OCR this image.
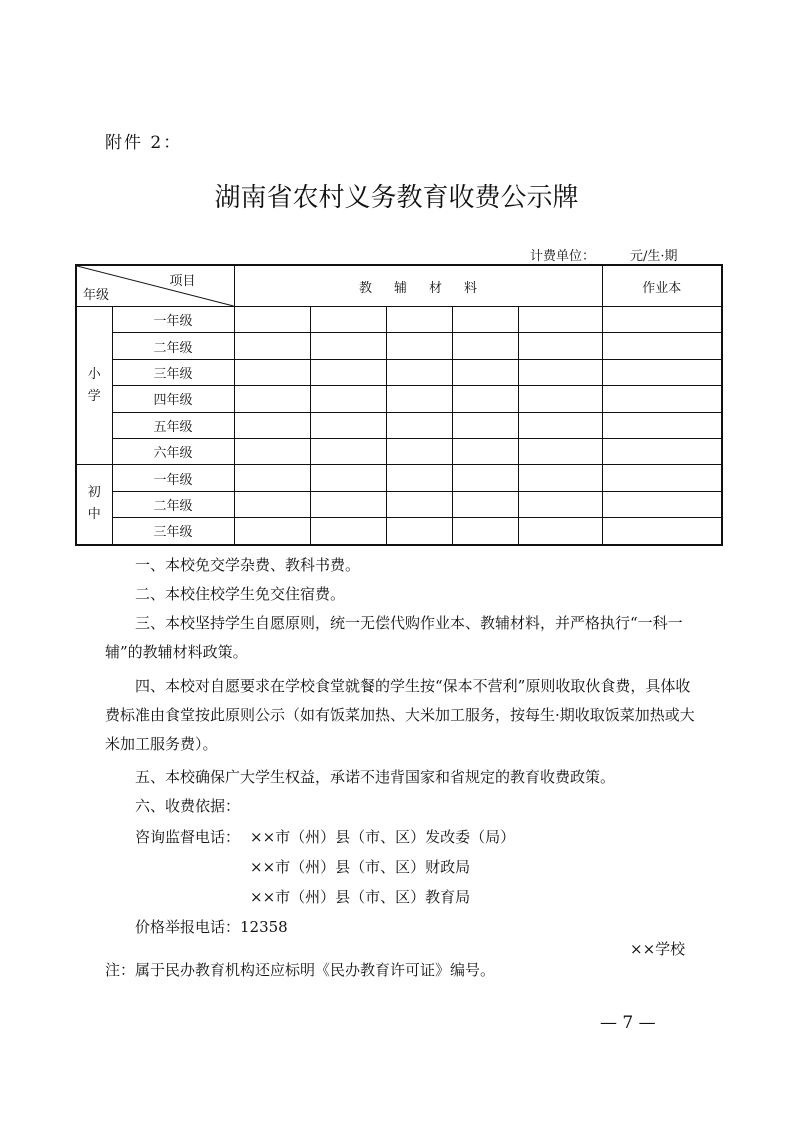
附件 2：
湖南省农村义务教育收费公示牌
计费单位：	元/生·期
项目
年级		教辅材料					作业本
小
学	一年级						
	二年级						
	三年级						
	四年级						
	五年级						
	六年级						
初
中	一年级						
	二年级						
	三年级						
一、本校免交学杂费、教科书费。
二、本校住校学生免交住宿费。
三、本校坚持学生自愿原则，统一无偿代购作业本、教辅材料，并严格执行“一科一辅”的教辅材料政策。
四、本校对自愿要求在学校食堂就餐的学生按“保本不营利”原则收取伙食费，具体收费标准由食堂按此原则公示（如有饭菜加热、大米加工服务，按每生·期收取饭菜加热或大米加工服务费）。
五、本校确保广大学生权益，承诺不违背国家和省规定的教育收费政策。
六、收费依据：
咨询监督电话： ××市（州）县（市、区）发改委（局）
××市（州）县（市、区）财政局
××市（州）县（市、区）教育局
价格举报电话：12358
××学校
注：属于民办教育机构还应标明《民办教育许可证》编号。
— 7 —
